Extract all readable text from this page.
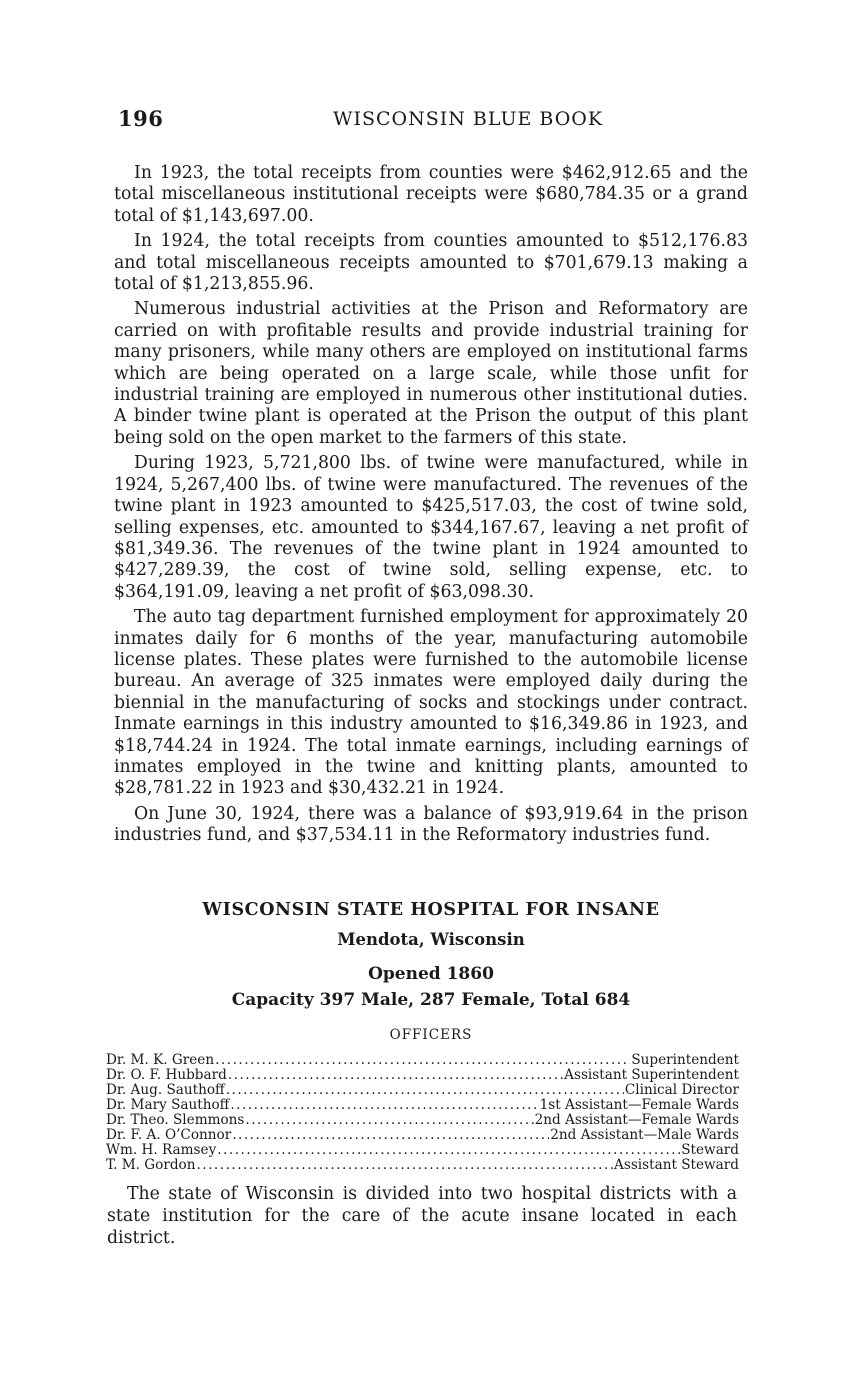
196	WISCONSIN BLUE BOOK

In 1923, the total receipts from counties were $462,912.65 and the total miscellaneous institutional receipts were $680,784.35 or a grand total of $1,143,697.00.

In 1924, the total receipts from counties amounted to $512,176.83 and total miscellaneous receipts amounted to $701,679.13 making a total of $1,213,855.96.

Numerous industrial activities at the Prison and Reformatory are carried on with profitable results and provide industrial training for many prisoners, while many others are employed on institutional farms which are being operated on a large scale, while those unfit for industrial training are employed in numerous other institutional duties. A binder twine plant is operated at the Prison the output of this plant being sold on the open market to the farmers of this state.

During 1923, 5,721,800 lbs. of twine were manufactured, while in 1924, 5,267,400 lbs. of twine were manufactured. The revenues of the twine plant in 1923 amounted to $425,517.03, the cost of twine sold, selling expenses, etc. amounted to $344,167.67, leaving a net profit of $81,349.36. The revenues of the twine plant in 1924 amounted to $427,289.39, the cost of twine sold, selling expense, etc. to $364,191.09, leaving a net profit of $63,098.30.

The auto tag department furnished employment for approximately 20 inmates daily for 6 months of the year, manufacturing automobile license plates. These plates were furnished to the automobile license bureau. An average of 325 inmates were employed daily during the biennial in the manufacturing of socks and stockings under contract. Inmate earnings in this industry amounted to $16,349.86 in 1923, and $18,744.24 in 1924. The total inmate earnings, including earnings of inmates employed in the twine and knitting plants, amounted to $28,781.22 in 1923 and $30,432.21 in 1924.

On June 30, 1924, there was a balance of $93,919.64 in the prison industries fund, and $37,534.11 in the Reformatory industries fund.

WISCONSIN STATE HOSPITAL FOR INSANE

Mendota, Wisconsin

Opened 1860

Capacity 397 Male, 287 Female, Total 684

OFFICERS

Dr. M. K. Green .....	Superintendent
Dr. O. F. Hubbard .....	Assistant Superintendent
Dr. Aug. Sauthoff .....	Clinical Director
Dr. Mary Sauthoff .....	1st Assistant—Female Wards
Dr. Theo. Slemmons .....	2nd Assistant—Female Wards
Dr. F. A. O’Connor .....	2nd Assistant—Male Wards
Wm. H. Ramsey .....	Steward
T. M. Gordon .....	Assistant Steward

The state of Wisconsin is divided into two hospital districts with a state institution for the care of the acute insane located in each district.
